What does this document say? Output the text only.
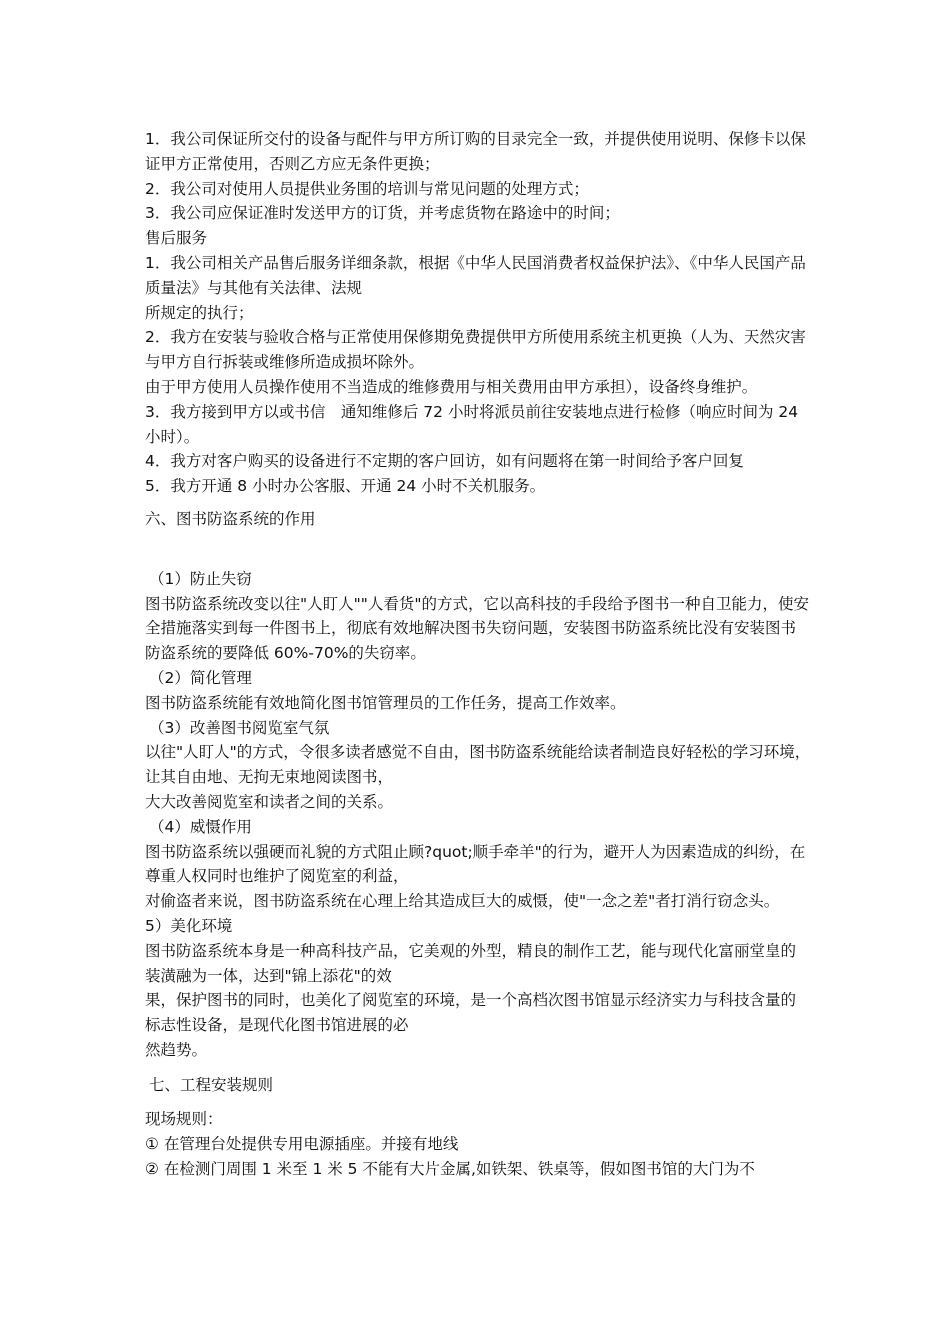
1．我公司保证所交付的设备与配件与甲方所订购的目录完全一致，并提供使用说明、保修卡以保证甲方正常使用，否则乙方应无条件更换；

2．我公司对使用人员提供业务围的培训与常见问题的处理方式；

3．我公司应保证准时发送甲方的订货，并考虑货物在路途中的时间；

售后服务

1．我公司相关产品售后服务详细条款，根据《中华人民国消费者权益保护法》、《中华人民国产品质量法》与其他有关法律、法规

所规定的执行；

2．我方在安装与验收合格与正常使用保修期免费提供甲方所使用系统主机更换（人为、天然灾害与甲方自行拆装或维修所造成损坏除外。

由于甲方使用人员操作使用不当造成的维修费用与相关费用由甲方承担），设备终身维护。

3．我方接到甲方以或书信　通知维修后 72 小时将派员前往安装地点进行检修（响应时间为 24 小时）。

4．我方对客户购买的设备进行不定期的客户回访，如有问题将在第一时间给予客户回复

5．我方开通 8 小时办公客服、开通 24 小时不关机服务。

六、图书防盗系统的作用

（1）防止失窃

图书防盗系统改变以往"人盯人""人看货"的方式，它以高科技的手段给予图书一种自卫能力，使安全措施落实到每一件图书上，彻底有效地解决图书失窃问题，安装图书防盗系统比没有安装图书防盗系统的要降低 60%-70%的失窃率。

（2）简化管理

图书防盗系统能有效地简化图书馆管理员的工作任务，提高工作效率。

（3）改善图书阅览室气氛

以往"人盯人"的方式，令很多读者感觉不自由，图书防盗系统能给读者制造良好轻松的学习环境，让其自由地、无拘无束地阅读图书，

大大改善阅览室和读者之间的关系。

（4）威慑作用

图书防盗系统以强硬而礼貌的方式阻止顾?quot;顺手牵羊"的行为，避开人为因素造成的纠纷，在尊重人权同时也维护了阅览室的利益，

对偷盗者来说，图书防盗系统在心理上给其造成巨大的威慑，使"一念之差"者打消行窃念头。

5）美化环境

图书防盗系统本身是一种高科技产品，它美观的外型，精良的制作工艺，能与现代化富丽堂皇的装潢融为一体，达到"锦上添花"的效

果，保护图书的同时，也美化了阅览室的环境，是一个高档次图书馆显示经济实力与科技含量的标志性设备，是现代化图书馆进展的必

然趋势。

七、工程安装规则

现场规则：

① 在管理台处提供专用电源插座。并接有地线

② 在检测门周围 1 米至 1 米 5 不能有大片金属,如铁架、铁桌等，假如图书馆的大门为不
